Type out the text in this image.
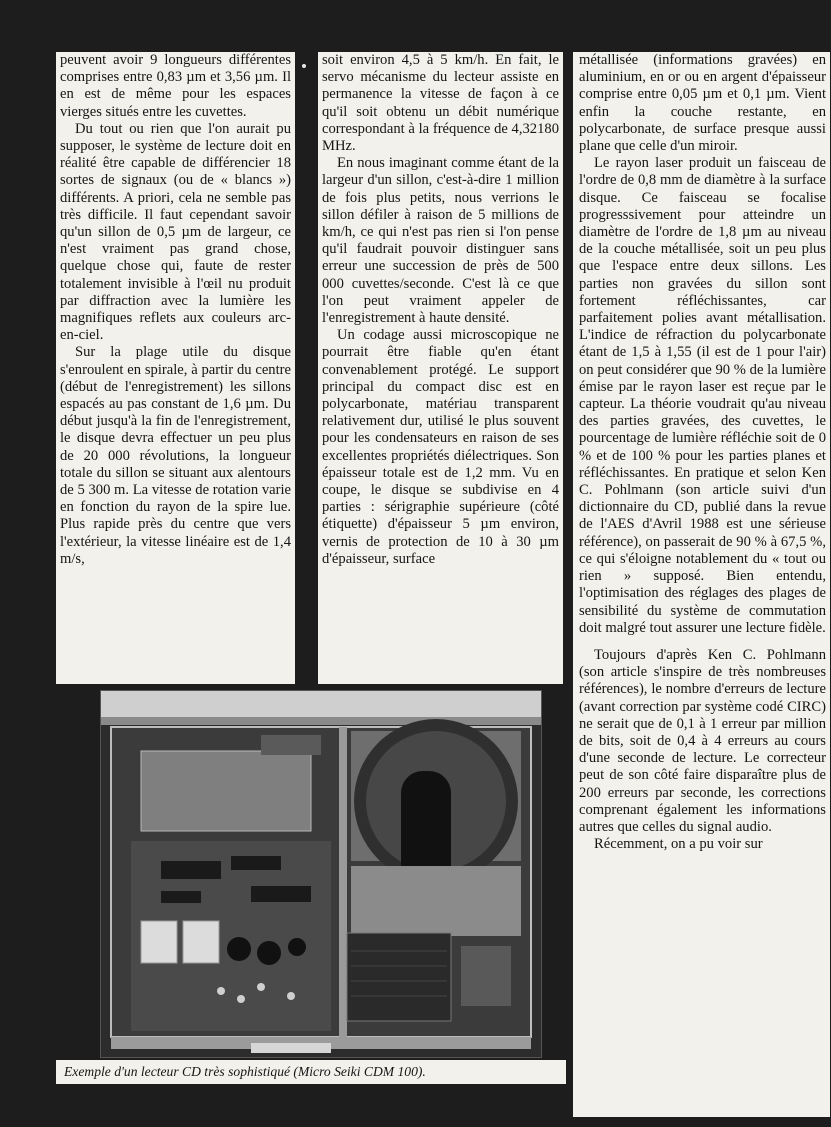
peuvent avoir 9 longueurs différentes comprises entre 0,83 µm et 3,56 µm. Il en est de même pour les espaces vierges situés entre les cuvettes.

Du tout ou rien que l'on aurait pu supposer, le système de lecture doit en réalité être capable de différencier 18 sortes de signaux (ou de « blancs ») différents. A priori, cela ne semble pas très difficile. Il faut cependant savoir qu'un sillon de 0,5 µm de largeur, ce n'est vraiment pas grand chose, quelque chose qui, faute de rester totalement invisible à l'œil nu produit par diffraction avec la lumière les magnifiques reflets aux couleurs arc-en-ciel.

Sur la plage utile du disque s'enroulent en spirale, à partir du centre (début de l'enregistrement) les sillons espacés au pas constant de 1,6 µm. Du début jusqu'à la fin de l'enregistrement, le disque devra effectuer un peu plus de 20 000 révolutions, la longueur totale du sillon se situant aux alentours de 5 300 m. La vitesse de rotation varie en fonction du rayon de la spire lue. Plus rapide près du centre que vers l'extérieur, la vitesse linéaire est de 1,4 m/s,

soit environ 4,5 à 5 km/h. En fait, le servo mécanisme du lecteur assiste en permanence la vitesse de façon à ce qu'il soit obtenu un débit numérique correspondant à la fréquence de 4,32180 MHz.

En nous imaginant comme étant de la largeur d'un sillon, c'est-à-dire 1 million de fois plus petits, nous verrions le sillon défiler à raison de 5 millions de km/h, ce qui n'est pas rien si l'on pense qu'il faudrait pouvoir distinguer sans erreur une succession de près de 500 000 cuvettes/seconde. C'est là ce que l'on peut vraiment appeler de l'enregistrement à haute densité.

Un codage aussi microscopique ne pourrait être fiable qu'en étant convenablement protégé. Le support principal du compact disc est en polycarbonate, matériau transparent relativement dur, utilisé le plus souvent pour les condensateurs en raison de ses excellentes propriétés diélectriques. Son épaisseur totale est de 1,2 mm. Vu en coupe, le disque se subdivise en 4 parties : sérigraphie supérieure (côté étiquette) d'épaisseur 5 µm environ, vernis de protection de 10 à 30 µm d'épaisseur, surface

métallisée (informations gravées) en aluminium, en or ou en argent d'épaisseur comprise entre 0,05 µm et 0,1 µm. Vient enfin la couche restante, en polycarbonate, de surface presque aussi plane que celle d'un miroir.

Le rayon laser produit un faisceau de l'ordre de 0,8 mm de diamètre à la surface disque. Ce faisceau se focalise progresssivement pour atteindre un diamètre de l'ordre de 1,8 µm au niveau de la couche métallisée, soit un peu plus que l'espace entre deux sillons. Les parties non gravées du sillon sont fortement réfléchissantes, car parfaitement polies avant métallisation. L'indice de réfraction du polycarbonate étant de 1,5 à 1,55 (il est de 1 pour l'air) on peut considérer que 90 % de la lumière émise par le rayon laser est reçue par le capteur. La théorie voudrait qu'au niveau des parties gravées, des cuvettes, le pourcentage de lumière réfléchie soit de 0 % et de 100 % pour les parties planes et réfléchissantes. En pratique et selon Ken C. Pohlmann (son article suivi d'un dictionnaire du CD, publié dans la revue de l'AES d'Avril 1988 est une sérieuse référence), on passerait de 90 % à 67,5 %, ce qui s'éloigne notablement du « tout ou rien » supposé. Bien entendu, l'optimisation des réglages des plages de sensibilité du système de commutation doit malgré tout assurer une lecture fidèle.

Toujours d'après Ken C. Pohlmann (son article s'inspire de très nombreuses références), le nombre d'erreurs de lecture (avant correction par système codé CIRC) ne serait que de 0,1 à 1 erreur par million de bits, soit de 0,4 à 4 erreurs au cours d'une seconde de lecture. Le correcteur peut de son côté faire disparaître plus de 200 erreurs par seconde, les corrections comprenant également les informations autres que celles du signal audio.

Récemment, on a pu voir sur

Exemple d'un lecteur CD très sophistiqué (Micro Seiki CDM 100).
